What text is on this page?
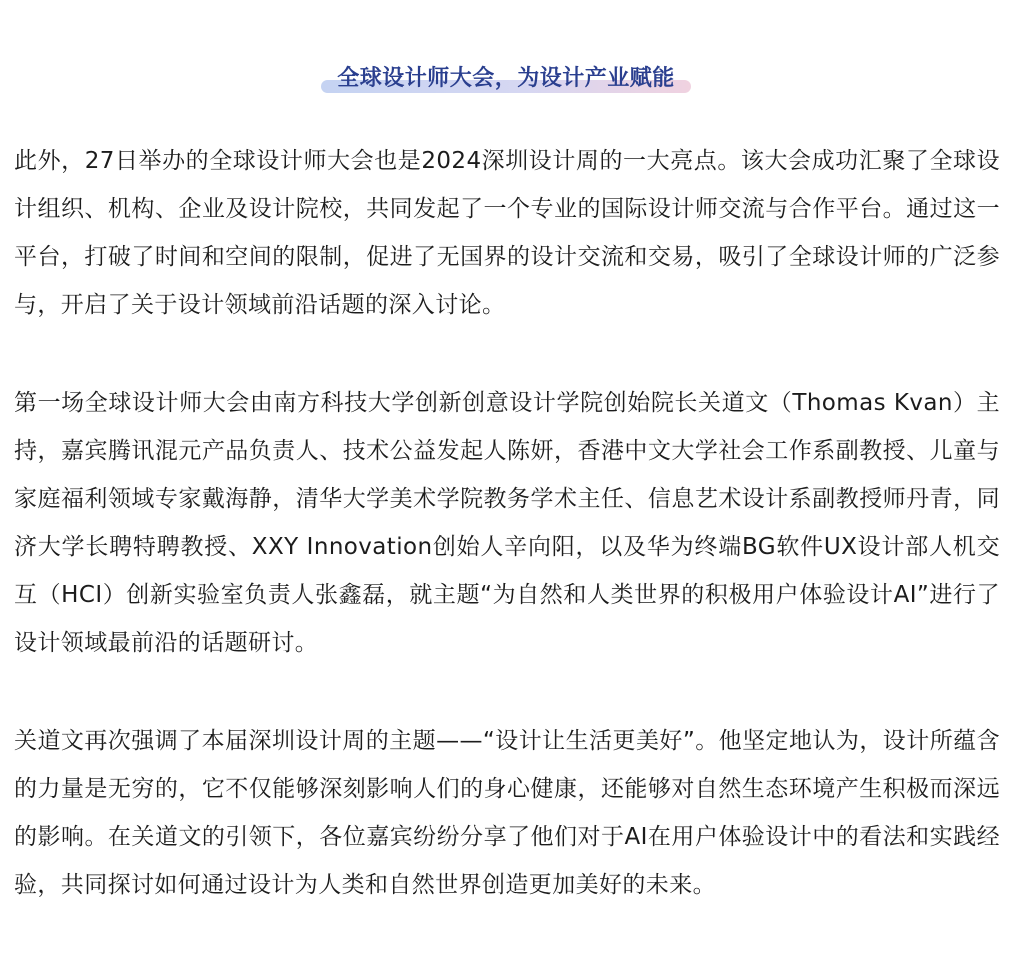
全球设计师大会，为设计产业赋能

此外，27日举办的全球设计师大会也是2024深圳设计周的一大亮点。该大会成功汇聚了全球设计组织、机构、企业及设计院校，共同发起了一个专业的国际设计师交流与合作平台。通过这一平台，打破了时间和空间的限制，促进了无国界的设计交流和交易，吸引了全球设计师的广泛参与，开启了关于设计领域前沿话题的深入讨论。

第一场全球设计师大会由南方科技大学创新创意设计学院创始院长关道文（Thomas Kvan）主持，嘉宾腾讯混元产品负责人、技术公益发起人陈妍，香港中文大学社会工作系副教授、儿童与家庭福利领域专家戴海静，清华大学美术学院教务学术主任、信息艺术设计系副教授师丹青，同济大学长聘特聘教授、XXY Innovation创始人辛向阳，以及华为终端BG软件UX设计部人机交互（HCI）创新实验室负责人张鑫磊，就主题“为自然和人类世界的积极用户体验设计AI”进行了设计领域最前沿的话题研讨。

关道文再次强调了本届深圳设计周的主题——“设计让生活更美好”。他坚定地认为，设计所蕴含的力量是无穷的，它不仅能够深刻影响人们的身心健康，还能够对自然生态环境产生积极而深远的影响。在关道文的引领下，各位嘉宾纷纷分享了他们对于AI在用户体验设计中的看法和实践经验，共同探讨如何通过设计为人类和自然世界创造更加美好的未来。
